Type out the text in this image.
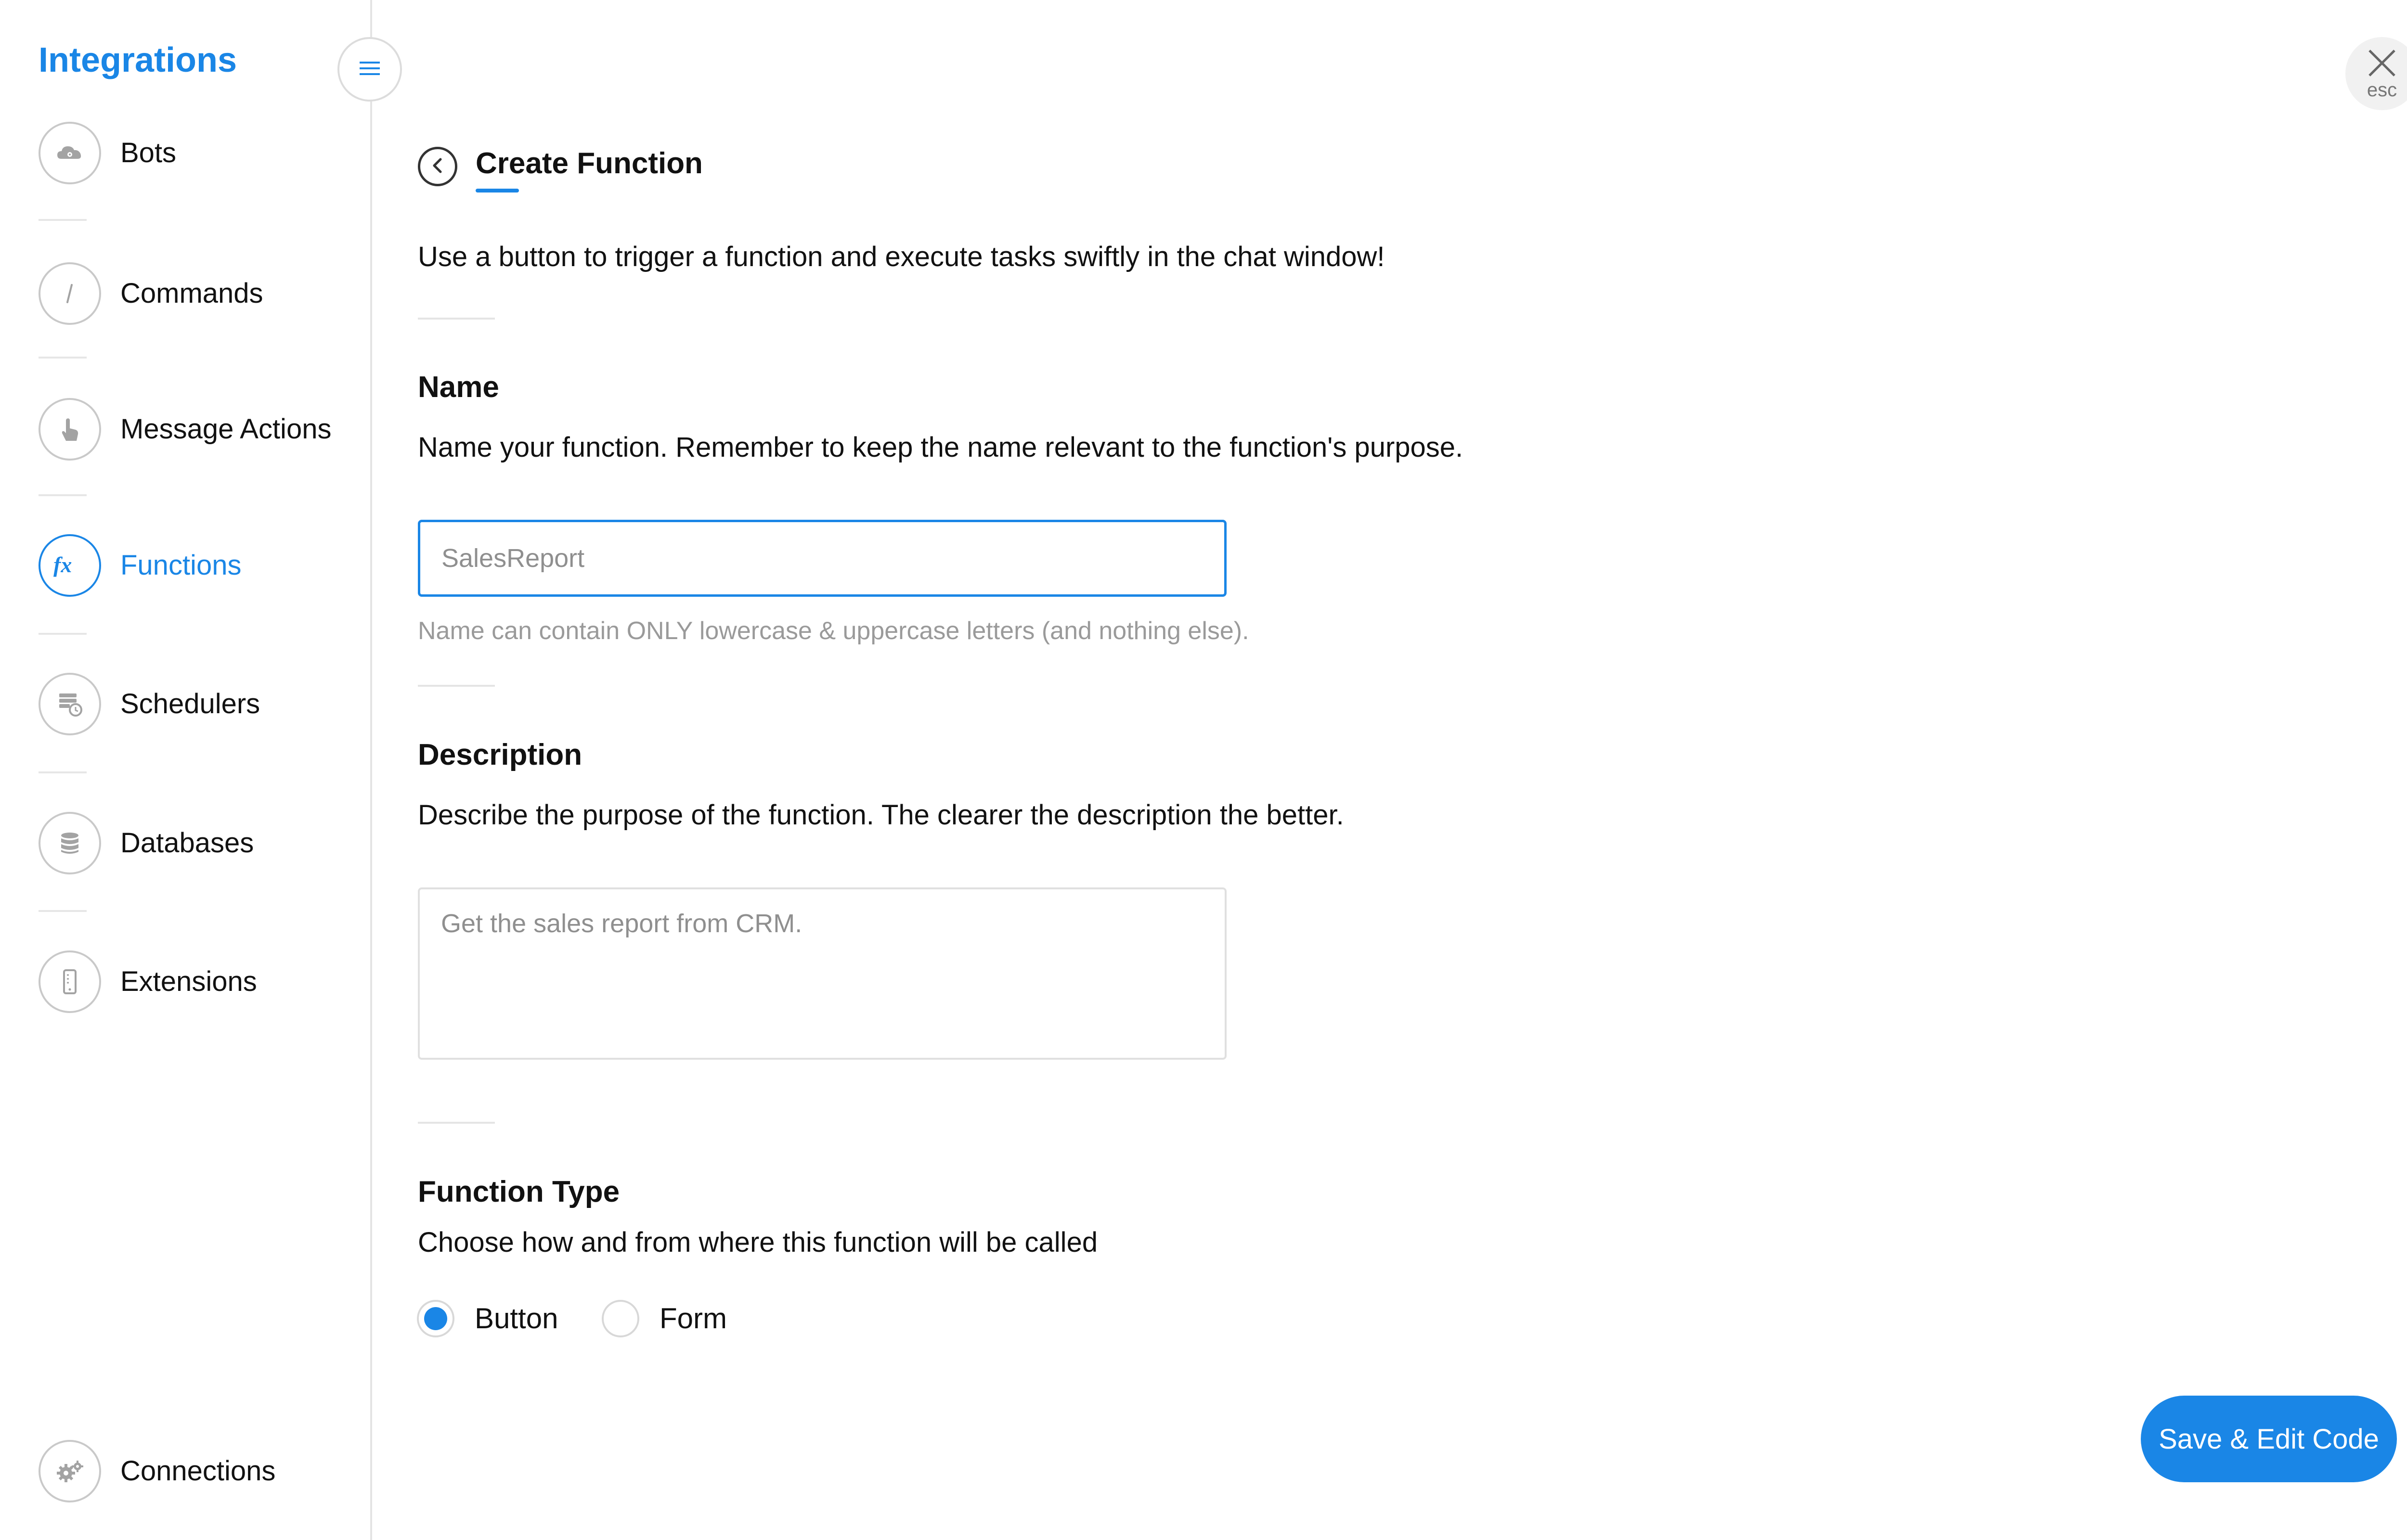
Integrations
Bots
Commands
Message Actions
fx Functions
Schedulers
Databases
Extensions
Connections
esc
Create Function
Use a button to trigger a function and execute tasks swiftly in the chat window!
Name
Name your function. Remember to keep the name relevant to the function's purpose.
SalesReport
Name can contain ONLY lowercase & uppercase letters (and nothing else).
Description
Describe the purpose of the function. The clearer the description the better.
Get the sales report from CRM.
Function Type
Choose how and from where this function will be called
Button	Form
Save & Edit Code
